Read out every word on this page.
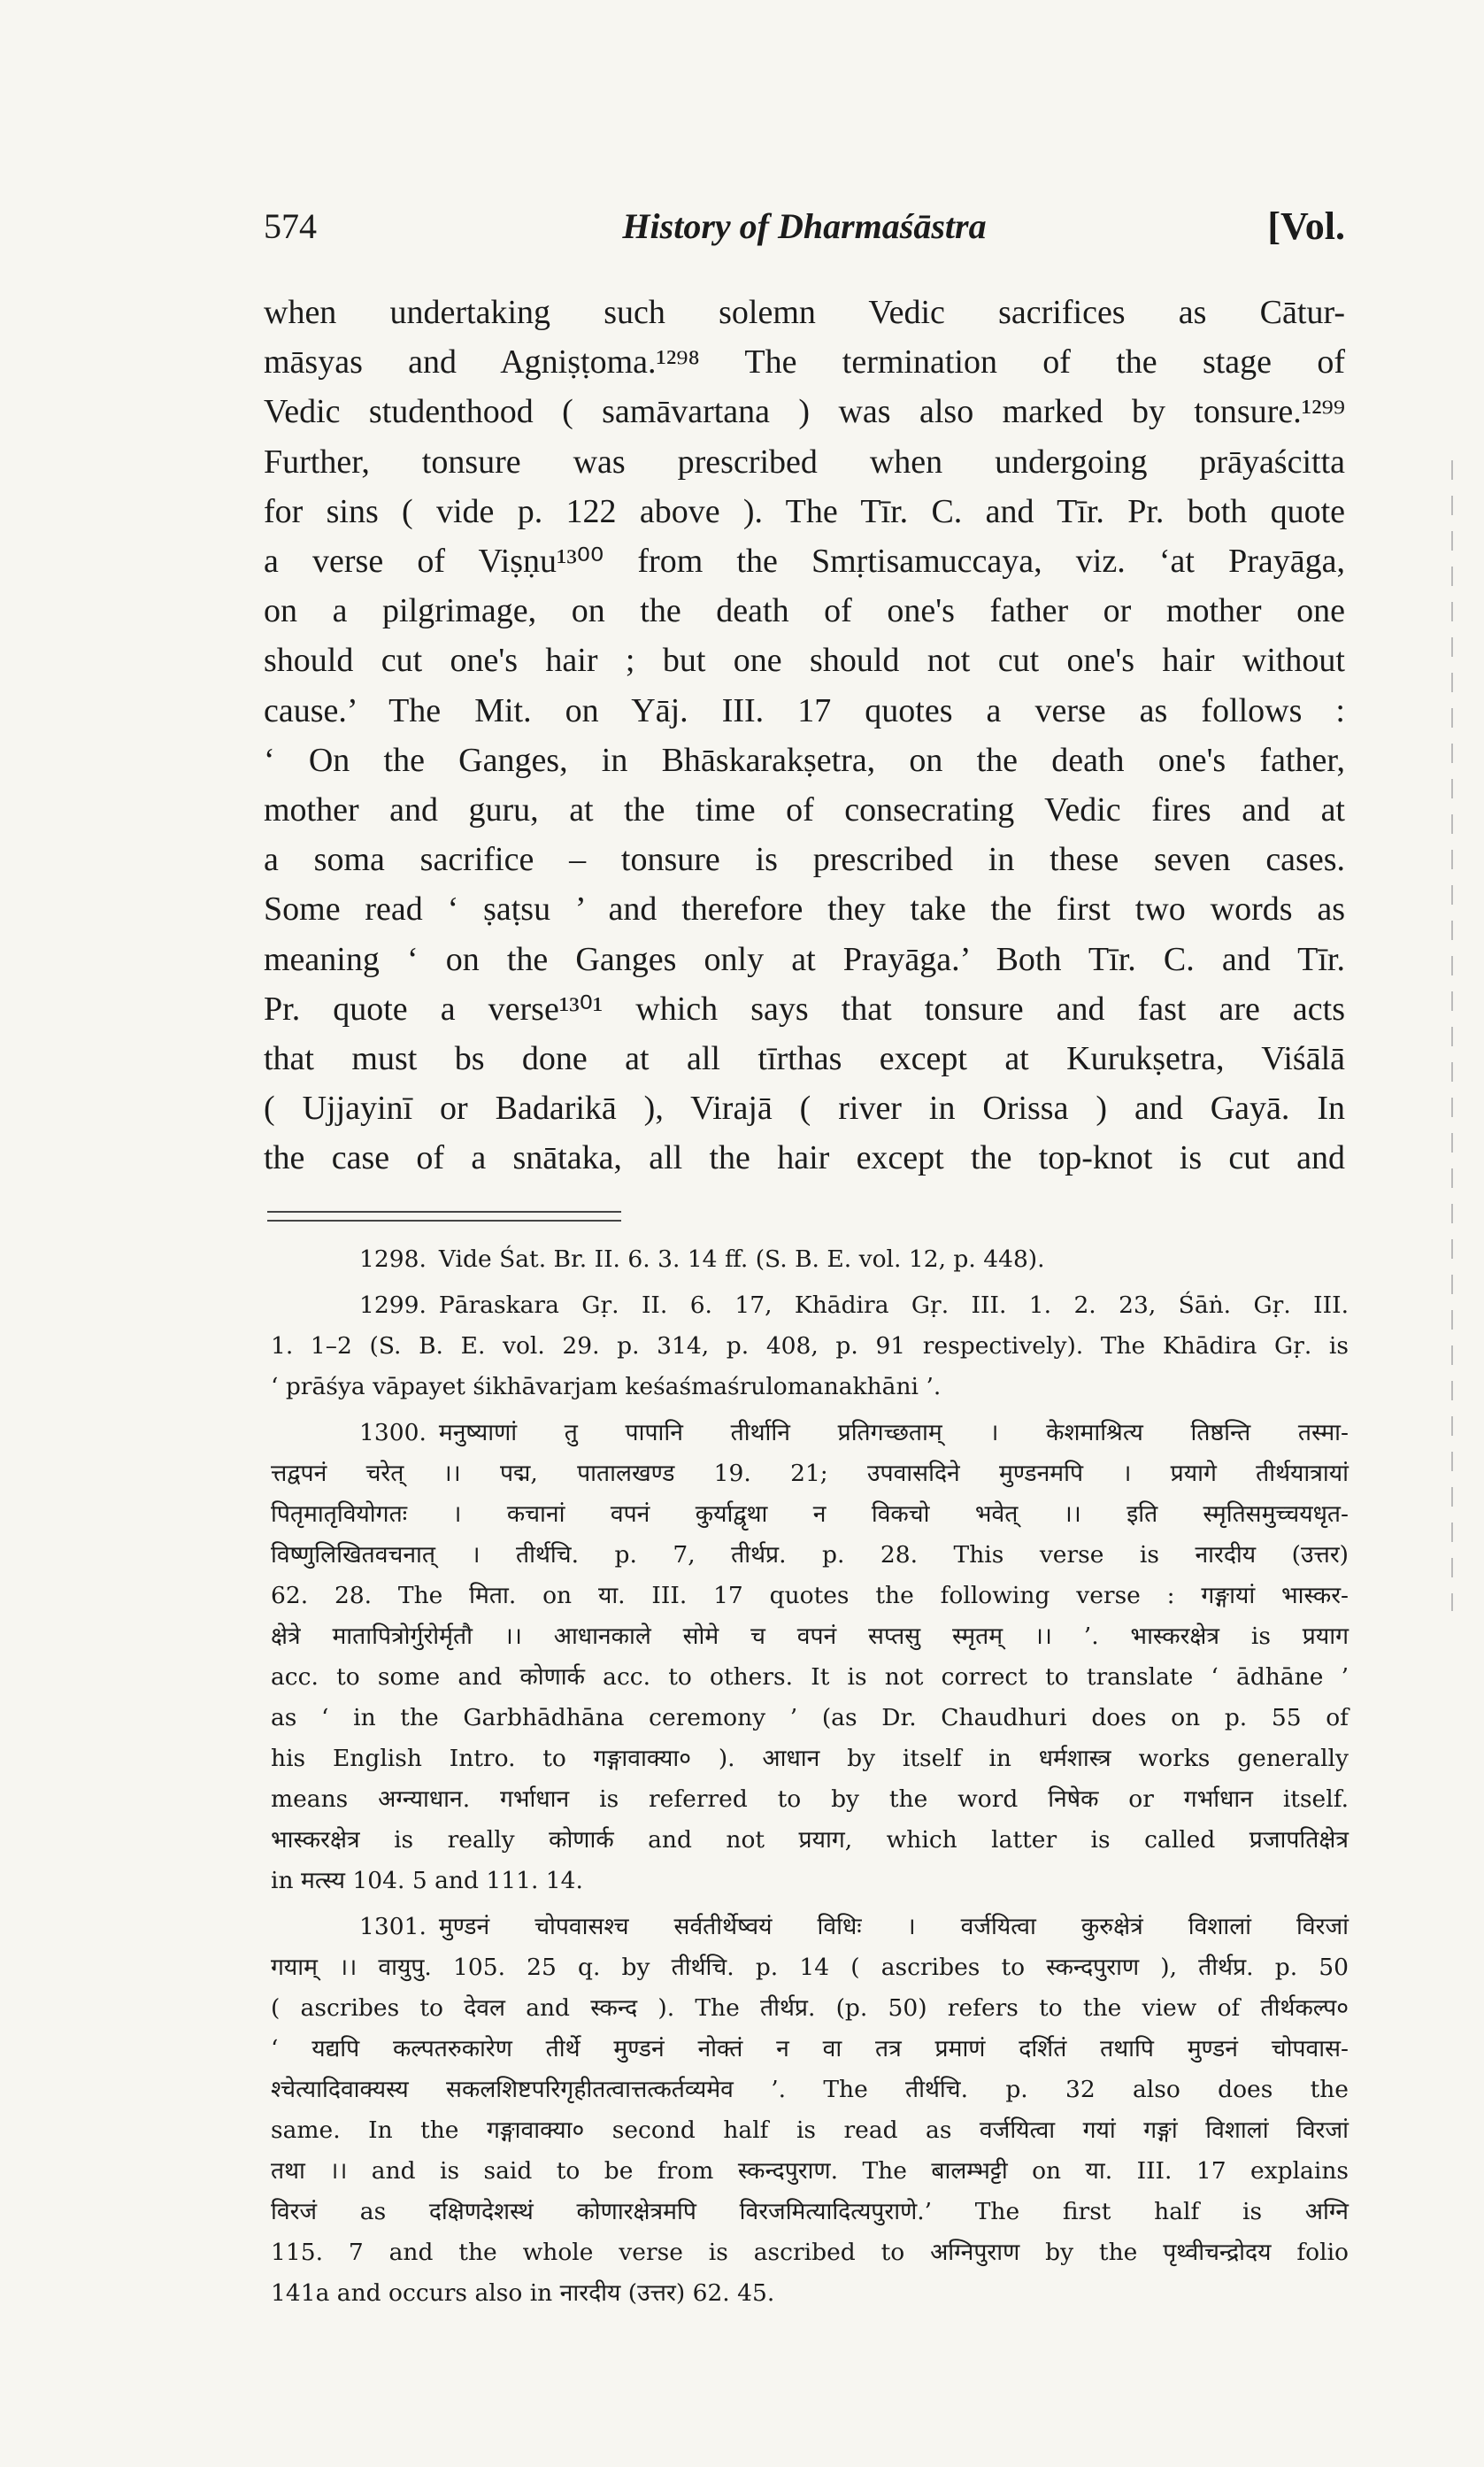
574	History of Dharmaśāstra	[Vol.

when undertaking such solemn Vedic sacrifices as Cātur-

māsyas and Agniṣṭoma.¹²⁹⁸ The termination of the stage of

Vedic studenthood ( samāvartana ) was also marked by tonsure.¹²⁹⁹

Further, tonsure was prescribed when undergoing prāyaścitta

for sins ( vide p. 122 above ). The Tīr. C. and Tīr. Pr. both quote

a verse of Viṣṇu¹³⁰⁰ from the Smṛtisamuccaya, viz. ‘at Prayāga,

on a pilgrimage, on the death of one's father or mother one

should cut one's hair ; but one should not cut one's hair without

cause.’ The Mit. on Yāj. III. 17 quotes a verse as follows :

‘ On the Ganges, in Bhāskarakṣetra, on the death one's father,

mother and guru, at the time of consecrating Vedic fires and at

a soma sacrifice – tonsure is prescribed in these seven cases.

Some read ‘ ṣaṭsu ’ and therefore they take the first two words as

meaning ‘ on the Ganges only at Prayāga.’ Both Tīr. C. and Tīr.

Pr. quote a verse¹³⁰¹ which says that tonsure and fast are acts

that must bs done at all tīrthas except at Kurukṣetra, Viśālā

( Ujjayinī or Badarikā ), Virajā ( river in Orissa ) and Gayā. In

the case of a snātaka, all the hair except the top-knot is cut and

1298. Vide Śat. Br. II. 6. 3. 14 ff. (S. B. E. vol. 12, p. 448).

1299. Pāraskara Gṛ. II. 6. 17, Khādira Gṛ. III. 1. 2. 23, Śāṅ. Gṛ. III.

1. 1–2 (S. B. E. vol. 29. p. 314, p. 408, p. 91 respectively). The Khādira Gṛ. is

‘ prāśya vāpayet śikhāvarjam keśaśmaśrulomanakhāni ’.

1300. मनुष्याणां तु पापानि तीर्थानि प्रतिगच्छताम् । केशमाश्रित्य तिष्ठन्ति तस्मा-

त्तद्वपनं चरेत् ।। पद्म, पातालखण्ड 19. 21; उपवासदिने मुण्डनमपि । प्रयागे तीर्थयात्रायां

पितृमातृवियोगतः । कचानां वपनं कुर्याद्वृथा न विकचो भवेत् ।। इति स्मृतिसमुच्चयधृत-

विष्णुलिखितवचनात् । तीर्थचि. p. 7, तीर्थप्र. p. 28. This verse is नारदीय (उत्तर)

62. 28. The मिता. on या. III. 17 quotes the following verse : गङ्गायां भास्कर-

क्षेत्रे मातापित्रोर्गुरोर्मृतौ ।। आधानकाले सोमे च वपनं सप्तसु स्मृतम् ।। ’. भास्करक्षेत्र is प्रयाग

acc. to some and कोणार्क acc. to others. It is not correct to translate ‘ ādhāne ’

as ‘ in the Garbhādhāna ceremony ’ (as Dr. Chaudhuri does on p. 55 of

his English Intro. to गङ्गावाक्या० ). आधान by itself in धर्मशास्त्र works generally

means अग्न्याधान. गर्भाधान is referred to by the word निषेक or गर्भाधान itself.

भास्करक्षेत्र is really कोणार्क and not प्रयाग, which latter is called प्रजापतिक्षेत्र

in मत्स्य 104. 5 and 111. 14.

1301. मुण्डनं चोपवासश्च सर्वतीर्थेष्वयं विधिः । वर्जयित्वा कुरुक्षेत्रं विशालां विरजां

गयाम् ।। वायुपु. 105. 25 q. by तीर्थचि. p. 14 ( ascribes to स्कन्दपुराण ), तीर्थप्र. p. 50

( ascribes to देवल and स्कन्द ). The तीर्थप्र. (p. 50) refers to the view of तीर्थकल्प०

‘ यद्यपि कल्पतरुकारेण तीर्थे मुण्डनं नोक्तं न वा तत्र प्रमाणं दर्शितं तथापि मुण्डनं चोपवास-

श्चेत्यादिवाक्यस्य सकलशिष्टपरिगृहीतत्वात्तत्कर्तव्यमेव ’. The तीर्थचि. p. 32 also does the

same. In the गङ्गावाक्या० second half is read as वर्जयित्वा गयां गङ्गां विशालां विरजां

तथा ।। and is said to be from स्कन्दपुराण. The बालम्भट्टी on या. III. 17 explains

विरजं as दक्षिणदेशस्थं कोणारक्षेत्रमपि विरजमित्यादित्यपुराणे.’ The first half is अग्नि

115. 7 and the whole verse is ascribed to अग्निपुराण by the पृथ्वीचन्द्रोदय folio

141a and occurs also in नारदीय (उत्तर) 62. 45.
